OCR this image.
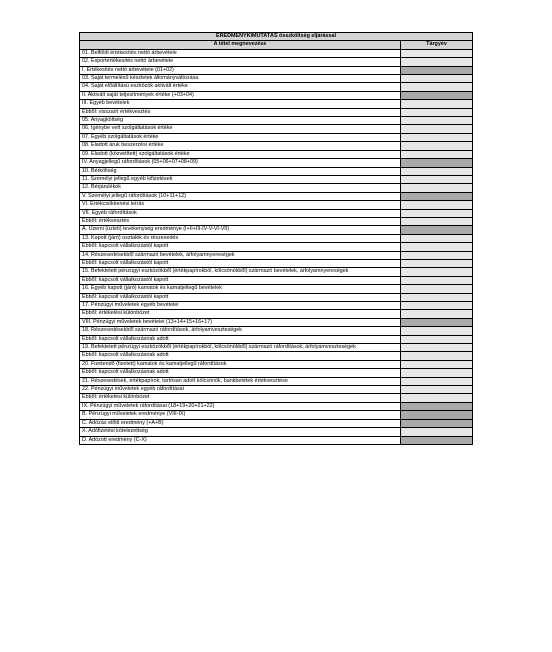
EREDMÉNYKIMUTATÁS összköltség eljárással	
A tétel megnevezése	Tárgyév
01. Belföldi értékesítés nettó árbevétele	
02. Exportértékesítés nettó árbevétele	
I. Értékesítés nettó árbevétele (01+02)	
03. Saját termelésű készletek állományváltozása	
04. Saját előállítású eszközök aktivált értéke	
II. Aktivált saját teljesítmények értéke (+03+04)	
III. Egyéb bevételek	
Ebből: visszaírt értékvesztés	
05. Anyagköltség	
06. Igénybe vett szolgáltatások értéke	
07. Egyéb szolgáltatások értéke	
08. Eladott áruk beszerzési értéke	
09. Eladott (közvetített) szolgáltatások értéke	
IV. Anyagjellegű ráfordítások (05+06+07+08+09)	
10. Bérköltség	
11. Személyi jellegű egyéb kifizetések	
12. Bérjárulékok	
V. Személyi jellegű ráfordítások (10+11+12)	
VI. Értékcsökkenési leírás	
VII. Egyéb ráfordítások	
Ebből: értékvesztés	
A. Üzemi (üzleti) tevékenység eredménye (I+II+III-IV-V-VI-VII)	
13. Kapott (járó) osztalék és részesedés	
Ebből: kapcsolt vállalkozástól kapott	
14. Részesedésekből származó bevételek, árfolyamnyereségek	
Ebből: kapcsolt vállalkozástól kapott	
15. Befektetett pénzügyi eszközökből (értékpapírokból, kölcsönökből) származó bevételek, árfolyamnyereségek	
Ebből: kapcsolt vállalkozástól kapott	
16. Egyéb kapott (járó) kamatok és kamatjellegű bevételek	
Ebből: kapcsolt vállalkozástól kapott	
17. Pénzügyi műveletek egyéb bevételei	
Ebből: értékelési különbözet	
VIII. Pénzügyi műveletek bevételei (13+14+15+16+17)	
18. Részesedésekből származó ráfordítások, árfolyamveszteségek	
Ebből: kapcsolt vállalkozásnak adott	
19. Befektetett pénzügyi eszközökből (értékpapírokból, kölcsönökből) származó ráfordítások, árfolyamveszteségek	
Ebből: kapcsolt vállalkozásnak adott	
20. Fizetendő (fizetett) kamatok és kamatjellegű ráfordítások	
Ebből: kapcsolt vállalkozásnak adott	
21. Részesedések, értékpapírok, tartósan adott kölcsönök, bankbetétek értékvesztése	
22. Pénzügyi műveletek egyéb ráfordításai	
Ebből: értékelési különbözet	
IX. Pénzügyi műveletek ráfordításai (18+19+20+21+22)	
B. Pénzügyi műveletek eredménye (VIII-IX)	
C. Adózás előtti eredmény (+A+B)	
X. Adófizetési kötelezettség	
D. Adózott eredmény (C-X)	
